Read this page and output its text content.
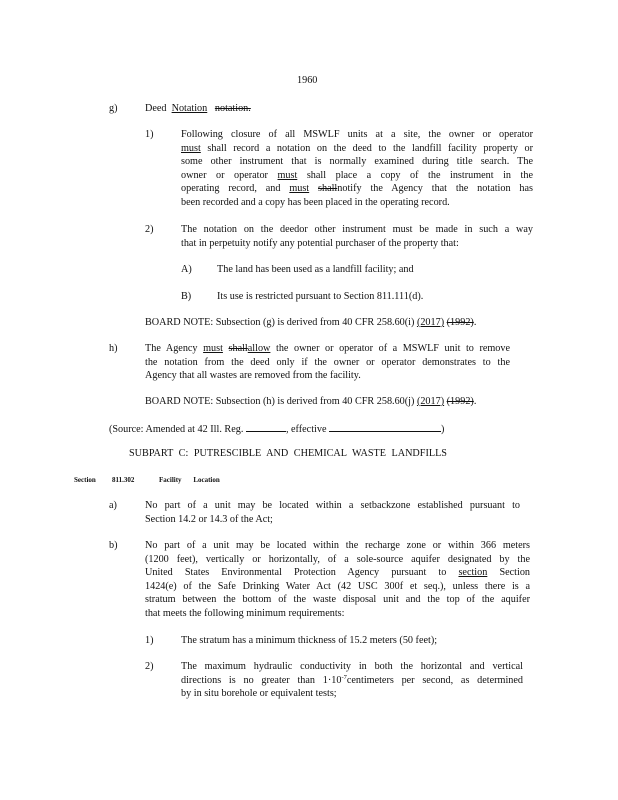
1960
g)	Deed Notation notation.
1)	Following closure of all MSWLF units at a site, the owner or operator
must shall record a notation on the deed to the landfill facility property or
some other instrument that is normally examined during title search. The
owner or operator must shall place a copy of the instrument in the
operating record, and must shallnotify the Agency that the notation has
been recorded and a copy has been placed in the operating record.
2)	The notation on the deedor other instrument must be made in such a way
that in perpetuity notify any potential purchaser of the property that:
A) The land has been used as a landfill facility; and
B)	Its use is restricted pursuant to Section 811.111(d).
BOARD NOTE: Subsection (g) is derived from 40 CFR 258.60(i) (2017) (1992).
h)	The Agency must shallallow the owner or operator of a MSWLF unit to remove
the notation from the deed only if the owner or operator demonstrates to the
Agency that all wastes are removed from the facility.
BOARD NOTE: Subsection (h) is derived from 40 CFR 258.60(j) (2017) (1992).
(Source: Amended at 42 Ill. Reg.	, effective	)
SUBPART C: PUTRESCIBLE AND CHEMICAL WASTE LANDFILLS
Section 811.302	Facility Location
a)	No part of a unit may be located within a setbackzone established pursuant to
Section 14.2 or 14.3 of the Act;
b)	No part of a unit may be located within the recharge zone or within 366 meters
(1200 feet), vertically or horizontally, of a sole-source aquifer designated by the
United States Environmental Protection Agency pursuant to section Section
1424(e) of the Safe Drinking Water Act (42 USC 300f et seq.), unless there is a
stratum between the bottom of the waste disposal unit and the top of the aquifer
that meets the following minimum requirements:
1)	The stratum has a minimum thickness of 15.2 meters (50 feet);
2)	The maximum hydraulic conductivity in both the horizontal and vertical
directions is no greater than $1\cdot 10^{-7}centimeters$ per second, as determined
by in situ borehole or equivalent tests;
